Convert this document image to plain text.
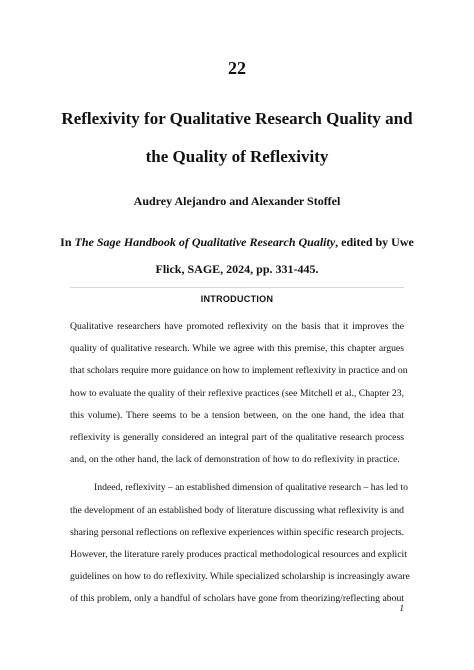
22
Reflexivity for Qualitative Research Quality and
the Quality of Reflexivity
Audrey Alejandro and Alexander Stoffel
In The Sage Handbook of Qualitative Research Quality, edited by Uwe
Flick, SAGE, 2024, pp. 331-445.
INTRODUCTION
Qualitative researchers have promoted reflexivity on the basis that it improves the
quality of qualitative research. While we agree with this premise, this chapter argues
that scholars require more guidance on how to implement reflexivity in practice and on
how to evaluate the quality of their reflexive practices (see Mitchell et al., Chapter 23,
this volume). There seems to be a tension between, on the one hand, the idea that
reflexivity is generally considered an integral part of the qualitative research process
and, on the other hand, the lack of demonstration of how to do reflexivity in practice.
Indeed, reflexivity – an established dimension of qualitative research – has led to
the development of an established body of literature discussing what reflexivity is and
sharing personal reflections on reflexive experiences within specific research projects.
However, the literature rarely produces practical methodological resources and explicit
guidelines on how to do reflexivity. While specialized scholarship is increasingly aware
of this problem, only a handful of scholars have gone from theorizing/reflecting about
1
